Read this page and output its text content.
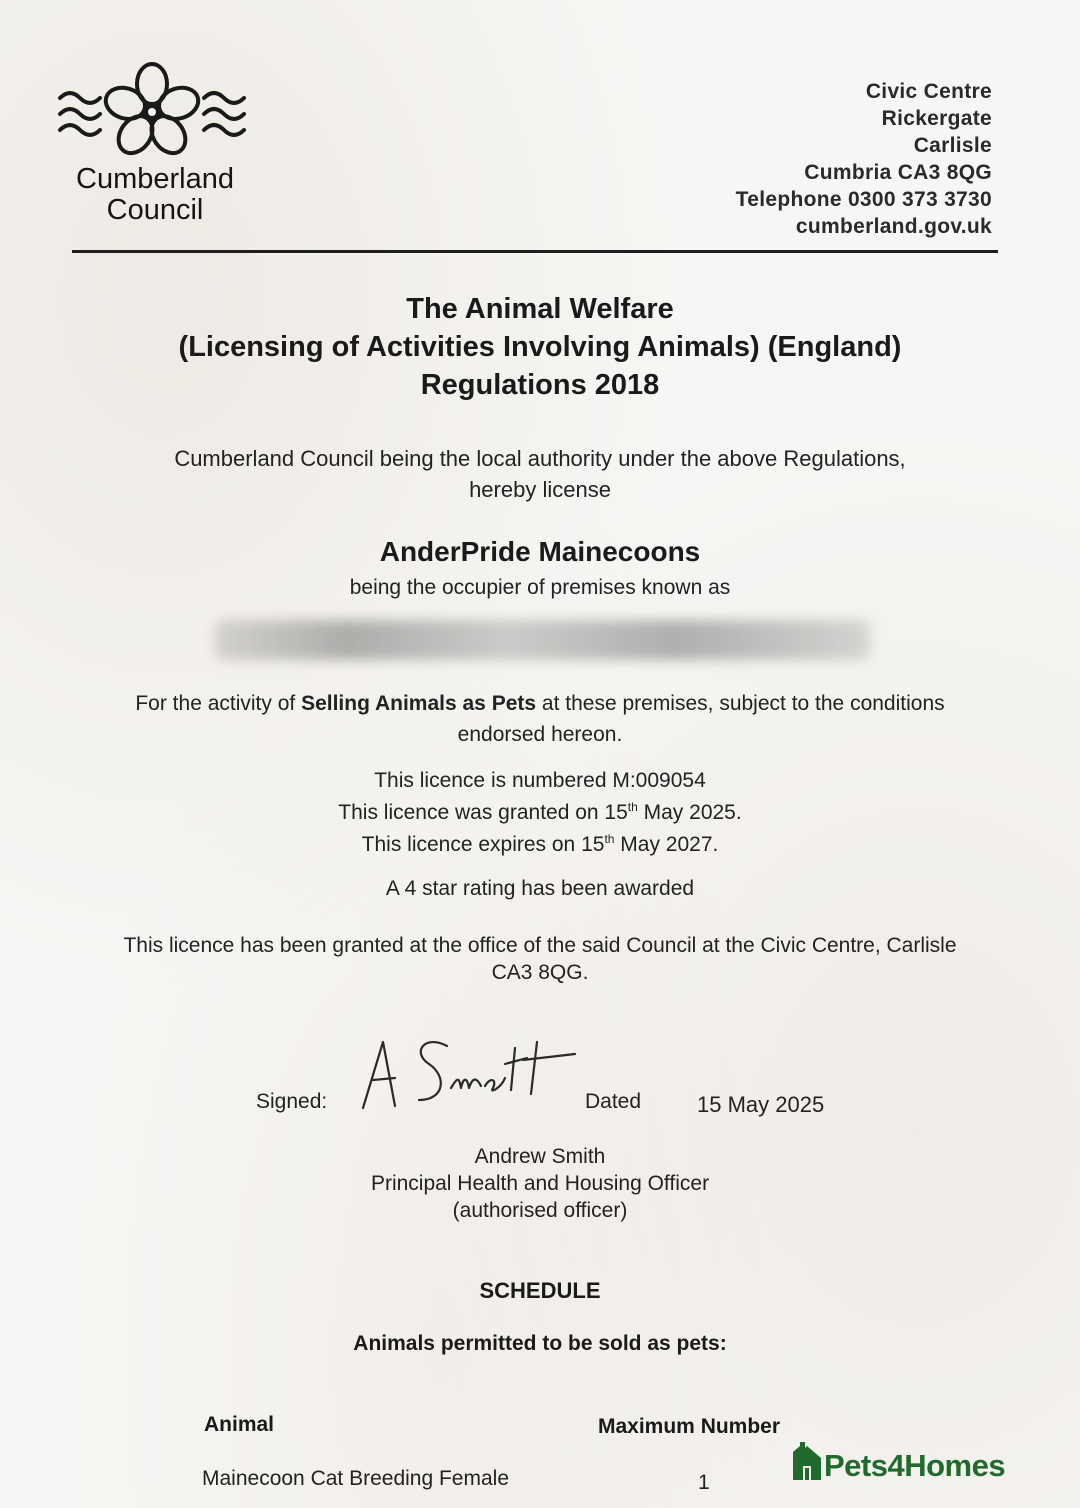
Cumberland
Council
Civic Centre
Rickergate
Carlisle
Cumbria CA3 8QG
Telephone 0300 373 3730
cumberland.gov.uk
The Animal Welfare
(Licensing of Activities Involving Animals) (England)
Regulations 2018
Cumberland Council being the local authority under the above Regulations,
hereby license
AnderPride Mainecoons
being the occupier of premises known as
For the activity of Selling Animals as Pets at these premises, subject to the conditions
endorsed hereon.
This licence is numbered M:009054
This licence was granted on 15th May 2025.
This licence expires on 15th May 2027.
A 4 star rating has been awarded
This licence has been granted at the office of the said Council at the Civic Centre, Carlisle
CA3 8QG.
Signed:	Dated	15 May 2025
Andrew Smith
Principal Health and Housing Officer
(authorised officer)
SCHEDULE
Animals permitted to be sold as pets:
Animal	Maximum Number
Mainecoon Cat Breeding Female	1	Pets4Homes
